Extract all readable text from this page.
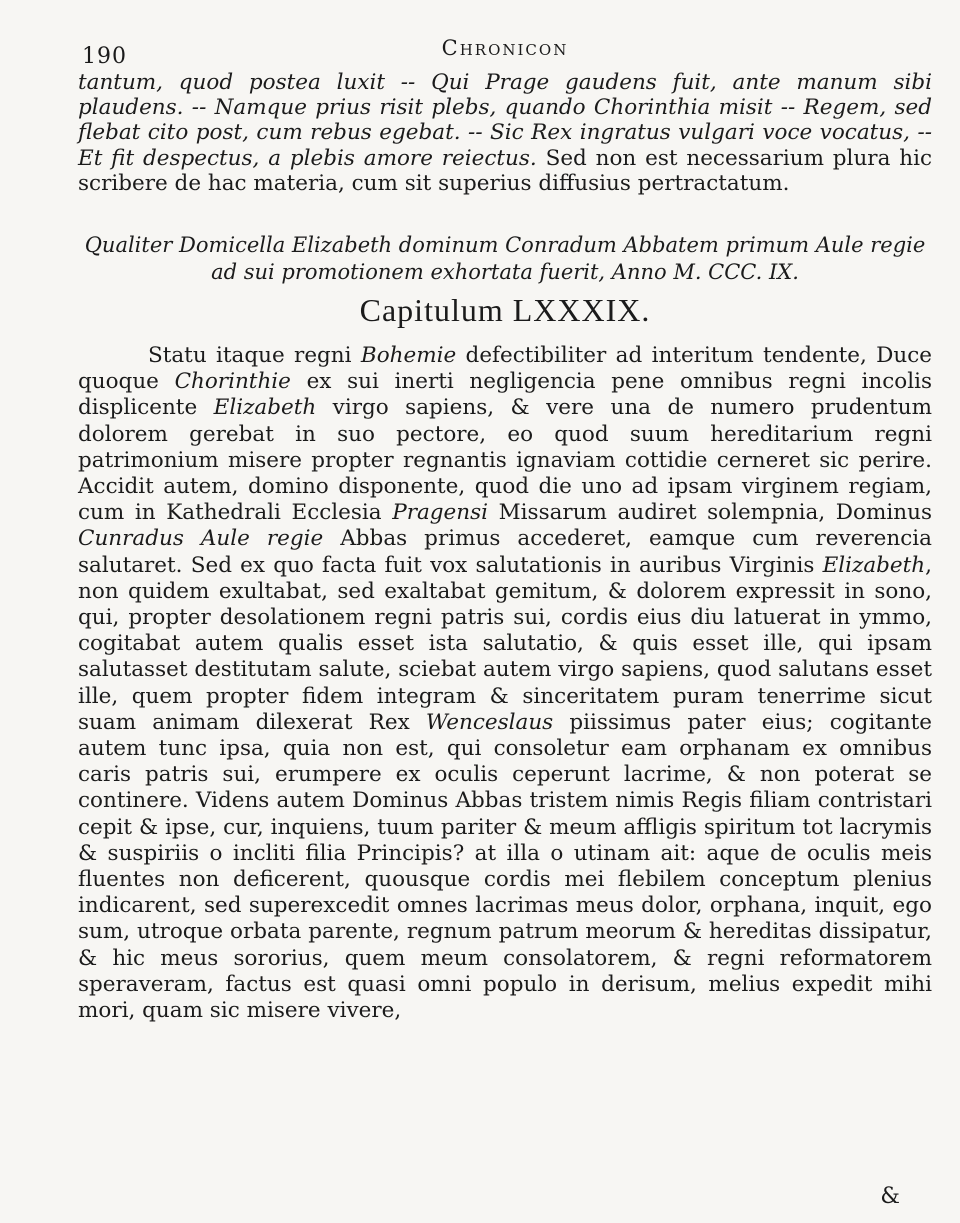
190	Chronicon

tantum, quod postea luxit -- Qui Prage gaudens fuit, ante manum sibi plaudens. -- Namque prius risit plebs, quando Chorinthia misit -- Regem, sed flebat cito post, cum rebus egebat. -- Sic Rex ingratus vulgari voce vocatus, -- Et fit despectus, a plebis amore reiectus. Sed non est necessarium plura hic scribere de hac materia, cum sit superius diffusius pertractatum.

Qualiter Domicella Elizabeth dominum Conradum Abbatem primum Aule regie ad sui promotionem exhortata fuerit, Anno M. CCC. IX.
Capitulum LXXXIX.

Statu itaque regni Bohemie defectibiliter ad interitum tendente, Duce quoque Chorinthie ex sui inerti negligencia pene omnibus regni incolis displicente Elizabeth virgo sapiens, & vere una de numero prudentum dolorem gerebat in suo pectore, eo quod suum hereditarium regni patrimonium misere propter regnantis ignaviam cottidie cerneret sic perire. Accidit autem, domino disponente, quod die uno ad ipsam virginem regiam, cum in Kathedrali Ecclesia Pragensi Missarum audiret solempnia, Dominus Cunradus Aule regie Abbas primus accederet, eamque cum reverencia salutaret. Sed ex quo facta fuit vox salutationis in auribus Virginis Elizabeth, non quidem exultabat, sed exaltabat gemitum, & dolorem expressit in sono, qui, propter desolationem regni patris sui, cordis eius diu latuerat in ymmo, cogitabat autem qualis esset ista salutatio, & quis esset ille, qui ipsam salutasset destitutam salute, sciebat autem virgo sapiens, quod salutans esset ille, quem propter fidem integram & sinceritatem puram tenerrime sicut suam animam dilexerat Rex Wenceslaus piissimus pater eius; cogitante autem tunc ipsa, quia non est, qui consoletur eam orphanam ex omnibus caris patris sui, erumpere ex oculis ceperunt lacrime, & non poterat se continere. Videns autem Dominus Abbas tristem nimis Regis filiam contristari cepit & ipse, cur, inquiens, tuum pariter & meum affligis spiritum tot lacrymis & suspiriis o incliti filia Principis? at illa o utinam ait: aque de oculis meis fluentes non deficerent, quousque cordis mei flebilem conceptum plenius indicarent, sed superexcedit omnes lacrimas meus dolor, orphana, inquit, ego sum, utroque orbata parente, regnum patrum meorum & hereditas dissipatur, & hic meus sororius, quem meum consolatorem, & regni reformatorem speraveram, factus est quasi omni populo in derisum, melius expedit mihi mori, quam sic misere vivere,

&
